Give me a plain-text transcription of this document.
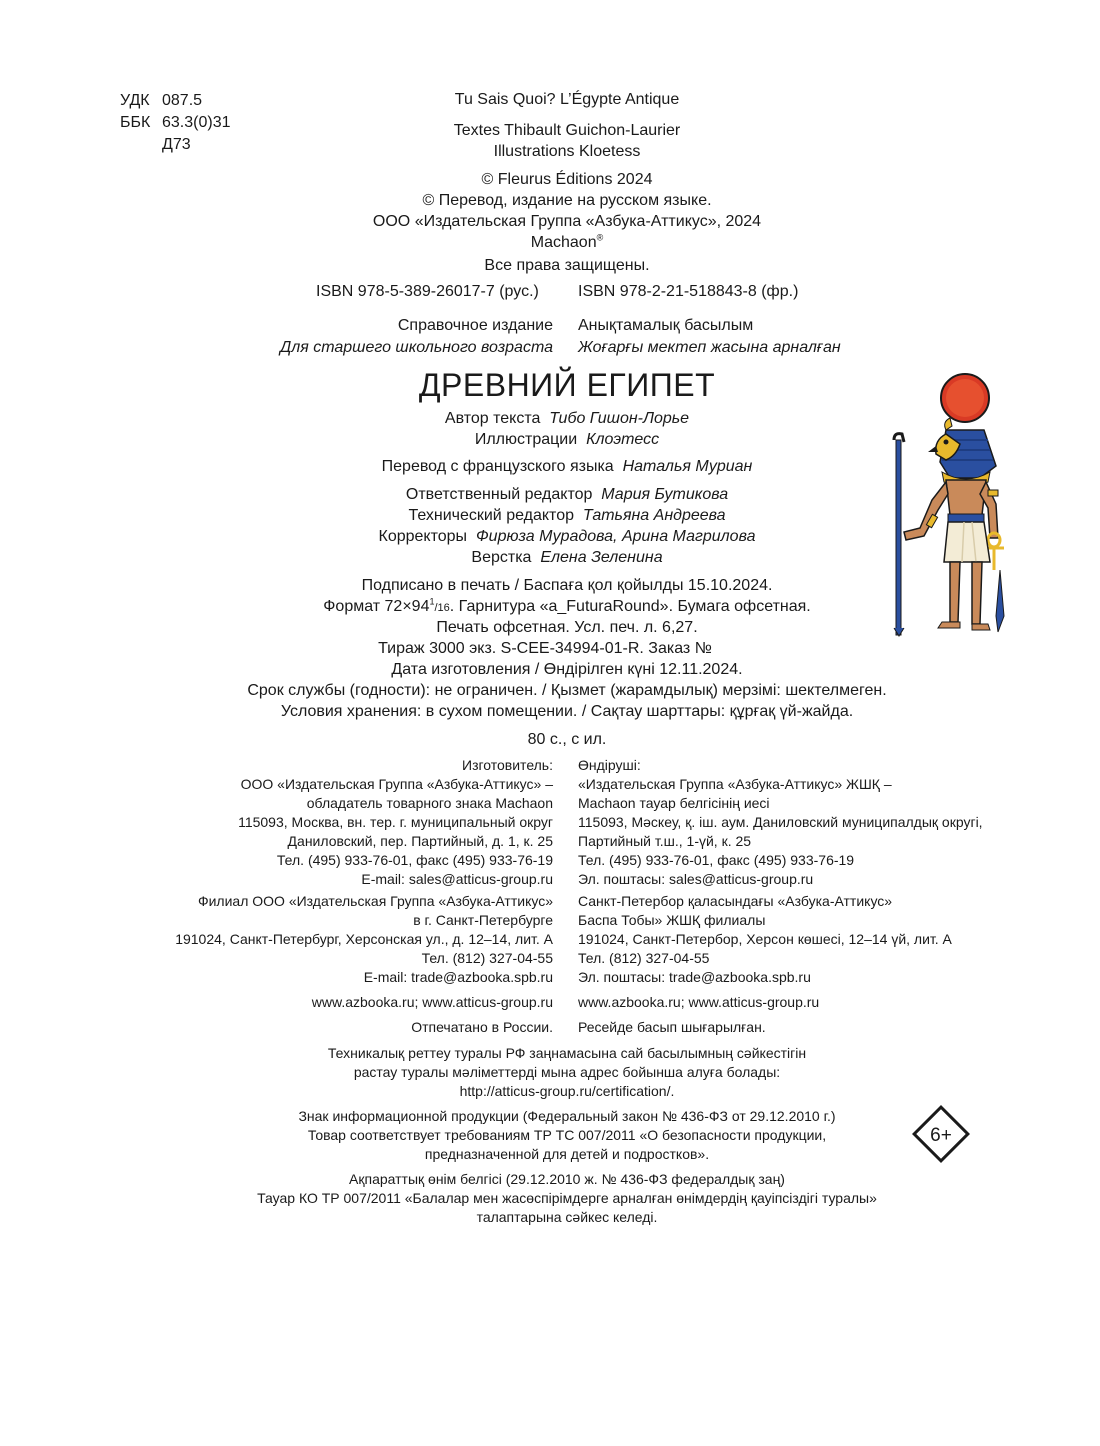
УДК 087.5
ББК 63.3(0)31
Д73
Tu Sais Quoi? L’Égypte Antique
Textes Thibault Guichon-Laurier
Illustrations Kloetess
© Fleurus Éditions 2024
© Перевод, издание на русском языке.
ООО «Издательская Группа «Азбука-Аттикус», 2024
Machaon®
Все права защищены.
ISBN 978-5-389-26017-7 (рус.) ISBN 978-2-21-518843-8 (фр.)
Справочное издание Анықтамалық басылым
Для старшего школьного возраста Жоғарғы мектеп жасына арналған
ДРЕВНИЙ ЕГИПЕТ
Автор текста Тибо Гишон-Лорье
Иллюстрации Клоэтесс
Перевод с французского языка Наталья Муриан
Ответственный редактор Мария Бутикова
Технический редактор Татьяна Андреева
Корректоры Фирюза Мурадова, Арина Магрилова
Верстка Елена Зеленина
Подписано в печать / Баспаға қол қойылды 15.10.2024.
Формат $72\times 94^1/16$. Гарнитура «a_FuturaRound». Бумага офсетная.
Печать офсетная. Усл. печ. л. 6,27.
Тираж 3000 экз. S-CEE-34994-01-R. Заказ №
Дата изготовления / Өндірілген күні 12.11.2024.
Срок службы (годности): не ограничен. / Қызмет (жарамдылық) мерзімі: шектелмеген.
Условия хранения: в сухом помещении. / Сақтау шарттары: құрғақ үй-жайда.
80 с., с ил.
Изготовитель:
ООО «Издательская Группа «Азбука-Аттикус» –
обладатель товарного знака Machaon
115093, Москва, вн. тер. г. муниципальный округ
Даниловский, пер. Партийный, д. 1, к. 25
Тел. (495) 933-76-01, факс (495) 933-76-19
E-mail: sales@atticus-group.ru
Өндіруші:
«Издательская Группа «Азбука-Аттикус» ЖШҚ –
Machaon тауар белгісінің иесі
115093, Мәскеу, қ. іш. аум. Даниловский муниципалдық округі,
Партийный т.ш., 1-үй, к. 25
Тел. (495) 933-76-01, факс (495) 933-76-19
Эл. поштасы: sales@atticus-group.ru
Филиал ООО «Издательская Группа «Азбука-Аттикус»
в г. Санкт-Петербурге
191024, Санкт-Петербург, Херсонская ул., д. 12–14, лит. А
Тел. (812) 327-04-55
E-mail: trade@azbooka.spb.ru
Санкт-Петербор қаласындағы «Азбука-Аттикус»
Баспа Тобы» ЖШҚ филиалы
191024, Санкт-Петербор, Херсон көшесі, 12–14 үй, лит. А
Тел. (812) 327-04-55
Эл. поштасы: trade@azbooka.spb.ru
www.azbooka.ru; www.atticus-group.ru www.azbooka.ru; www.atticus-group.ru
Отпечатано в России. Ресейде басып шығарылған.
Техникалық реттеу туралы РФ заңнамасына сай басылымның сәйкестігін
растау туралы мәліметтерді мына адрес бойынша алуға болады:
http://atticus-group.ru/certification/.
Знак информационной продукции (Федеральный закон № 436-ФЗ от 29.12.2010 г.)
Товар соответствует требованиям ТР ТС 007/2011 «О безопасности продукции,
предназначенной для детей и подростков».
Ақпараттық өнім белгісі (29.12.2010 ж. № 436-ФЗ федералдық заң)
Тауар КО ТР 007/2011 «Балалар мен жасөспірімдерге арналған өнімдердің қауіпсіздігі туралы»
талаптарына сәйкес келеді.
6+
